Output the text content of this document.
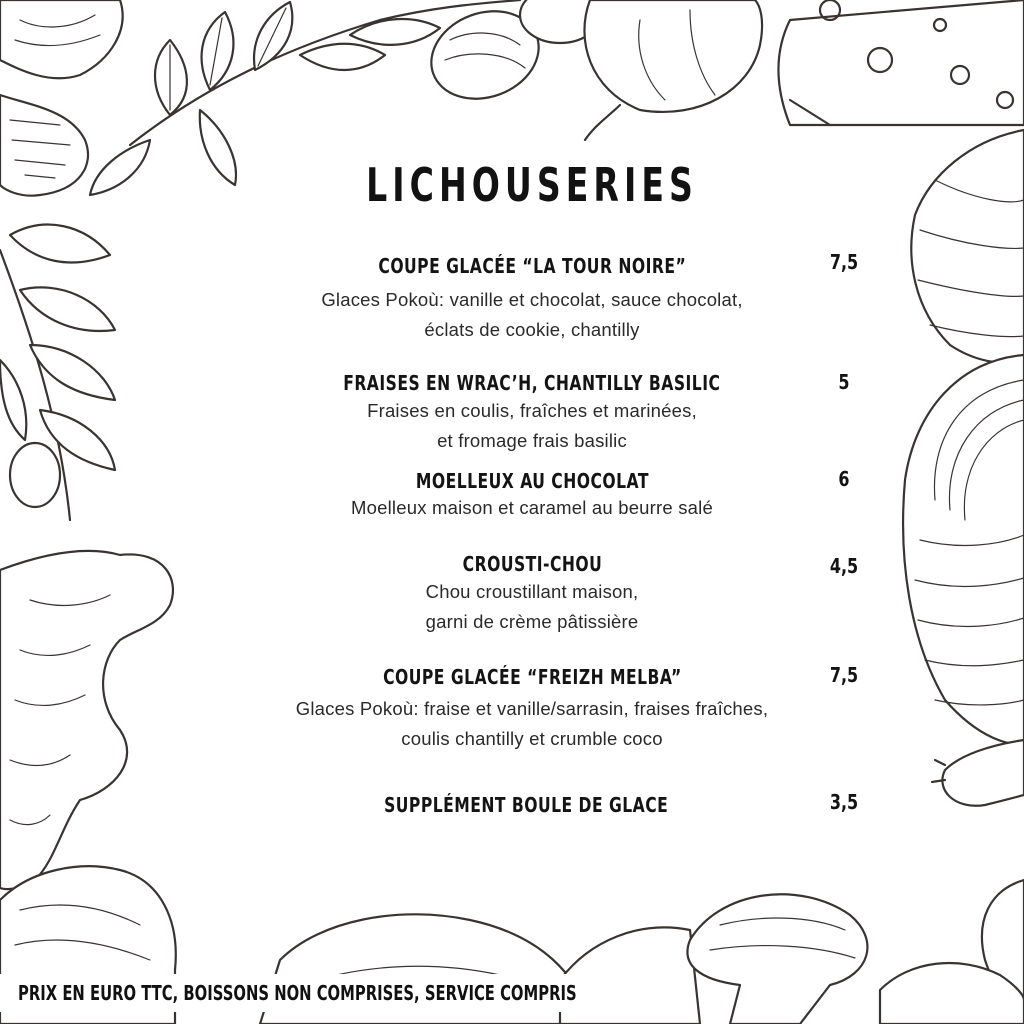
LICHOUSERIES
COUPE GLACÉE “LA TOUR NOIRE”
Glaces Pokoù: vanille et chocolat, sauce chocolat,
éclats de cookie, chantilly
7,5
FRAISES EN WRAC’H, CHANTILLY BASILIC
Fraises en coulis, fraîches et marinées,
et fromage frais basilic
5
MOELLEUX AU CHOCOLAT
Moelleux maison et caramel au beurre salé
6
CROUSTI-CHOU
Chou croustillant maison,
garni de crème pâtissière
4,5
COUPE GLACÉE “FREIZH MELBA”
Glaces Pokoù: fraise et vanille/sarrasin, fraises fraîches,
coulis chantilly et crumble coco
7,5
SUPPLÉMENT BOULE DE GLACE	3,5
PRIX EN EURO TTC, BOISSONS NON COMPRISES, SERVICE COMPRIS
